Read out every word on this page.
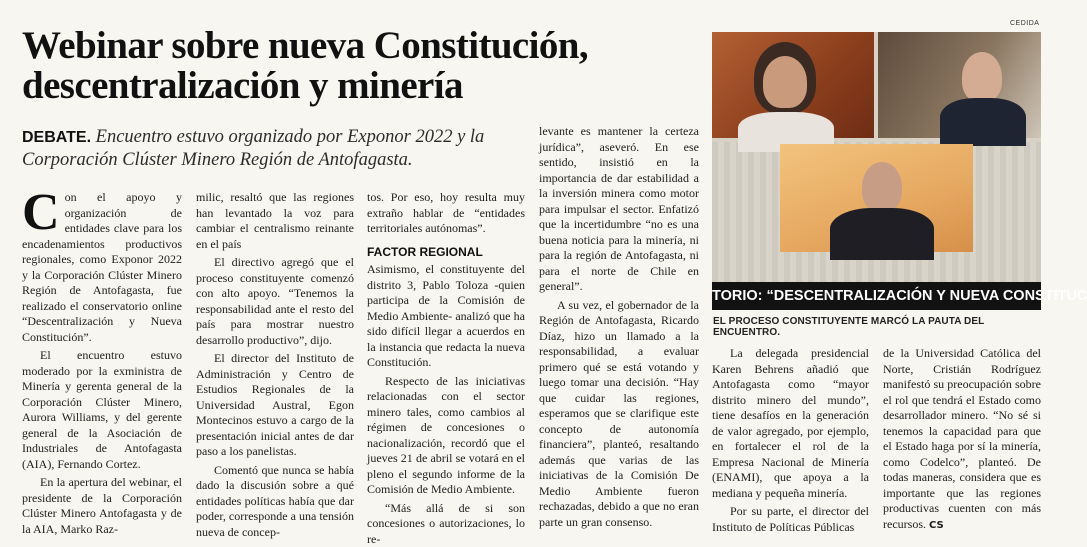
CEDIDA
Webinar sobre nueva Constitución,
descentralización y minería

DEBATE. Encuentro estuvo organizado por Exponor 2022 y la Corporación Clúster Minero Región de Antofagasta.

Con el apoyo y organización de entidades clave para los encadenamientos productivos regionales, como Exponor 2022 y la Corporación Clúster Minero Región de Antofagasta, fue realizado el conservatorio online “Descentralización y Nueva Constitución”.

El encuentro estuvo moderado por la exministra de Minería y gerenta general de la Corporación Clúster Minero, Aurora Williams, y del gerente general de la Asociación de Industriales de Antofagasta (AIA), Fernando Cortez.

En la apertura del webinar, el presidente de la Corporación Clúster Minero Antofagasta y de la AIA, Marko Raz-

milic, resaltó que las regiones han levantado la voz para cambiar el centralismo reinante en el país

El directivo agregó que el proceso constituyente comenzó con alto apoyo. “Tenemos la responsabilidad ante el resto del país para mostrar nuestro desarrollo productivo”, dijo.

El director del Instituto de Administración y Centro de Estudios Regionales de la Universidad Austral, Egon Montecinos estuvo a cargo de la presentación inicial antes de dar paso a los panelistas.

Comentó que nunca se había dado la discusión sobre a qué entidades políticas había que dar poder, corresponde a una tensión nueva de concep-

tos. Por eso, hoy resulta muy extraño hablar de “entidades territoriales autónomas”.

FACTOR REGIONAL

Asimismo, el constituyente del distrito 3, Pablo Toloza -quien participa de la Comisión de Medio Ambiente- analizó que ha sido difícil llegar a acuerdos en la instancia que redacta la nueva Constitución.

Respecto de las iniciativas relacionadas con el sector minero tales, como cambios al régimen de concesiones o nacionalización, recordó que el jueves 21 de abril se votará en el pleno el segundo informe de la Comisión de Medio Ambiente.

“Más allá de si son concesiones o autorizaciones, lo re-

levante es mantener la certeza jurídica”, aseveró. En ese sentido, insistió en la importancia de dar estabilidad a la inversión minera como motor para impulsar el sector. Enfatizó que la incertidumbre “no es una buena noticia para la minería, ni para la región de Antofagasta, ni para el norte de Chile en general”.

A su vez, el gobernador de la Región de Antofagasta, Ricardo Díaz, hizo un llamado a la responsabilidad, a evaluar primero qué se está votando y luego tomar una decisión. “Hay que cuidar las regiones, esperamos que se clarifique este concepto de autonomía financiera”, planteó, resaltando además que varias de las iniciativas de la Comisión De Medio Ambiente fueron rechazadas, debido a que no eran parte un gran consenso.

TORIO: “DESCENTRALIZACIÓN Y NUEVA CONSTITUC
EL PROCESO CONSTITUYENTE MARCÓ LA PAUTA DEL ENCUENTRO.

La delegada presidencial Karen Behrens añadió que Antofagasta como “mayor distrito minero del mundo”, tiene desafíos en la generación de valor agregado, por ejemplo, en fortalecer el rol de la Empresa Nacional de Minería (ENAMI), que apoya a la mediana y pequeña minería.

Por su parte, el director del Instituto de Políticas Públicas

de la Universidad Católica del Norte, Cristián Rodríguez manifestó su preocupación sobre el rol que tendrá el Estado como desarrollador minero. “No sé si tenemos la capacidad para que el Estado haga por sí la minería, como Codelco”, planteó. De todas maneras, considera que es importante que las regiones productivas cuenten con más recursos. CS
